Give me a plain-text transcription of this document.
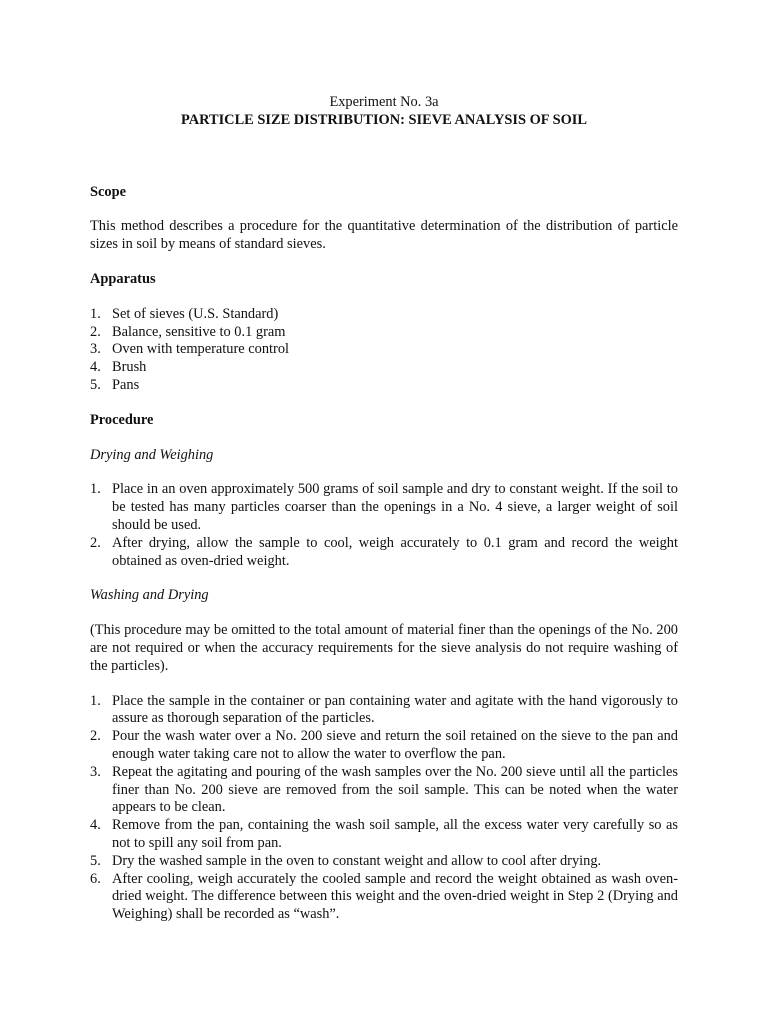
Experiment No. 3a
PARTICLE SIZE DISTRIBUTION: SIEVE ANALYSIS OF SOIL

Scope

This method describes a procedure for the quantitative determination of the distribution of particle sizes in soil by means of standard sieves.

Apparatus

1. Set of sieves (U.S. Standard)
2. Balance, sensitive to 0.1 gram
3. Oven with temperature control
4. Brush
5. Pans

Procedure

Drying and Weighing

1. Place in an oven approximately 500 grams of soil sample and dry to constant weight. If the soil to be tested has many particles coarser than the openings in a No. 4 sieve, a larger weight of soil should be used.
2. After drying, allow the sample to cool, weigh accurately to 0.1 gram and record the weight obtained as oven-dried weight.

Washing and Drying

(This procedure may be omitted to the total amount of material finer than the openings of the No. 200 are not required or when the accuracy requirements for the sieve analysis do not require washing of the particles).

1. Place the sample in the container or pan containing water and agitate with the hand vigorously to assure as thorough separation of the particles.
2. Pour the wash water over a No. 200 sieve and return the soil retained on the sieve to the pan and enough water taking care not to allow the water to overflow the pan.
3. Repeat the agitating and pouring of the wash samples over the No. 200 sieve until all the particles finer than No. 200 sieve are removed from the soil sample. This can be noted when the water appears to be clean.
4. Remove from the pan, containing the wash soil sample, all the excess water very carefully so as not to spill any soil from pan.
5. Dry the washed sample in the oven to constant weight and allow to cool after drying.
6. After cooling, weigh accurately the cooled sample and record the weight obtained as wash oven-dried weight. The difference between this weight and the oven-dried weight in Step 2 (Drying and Weighing) shall be recorded as “wash”.
